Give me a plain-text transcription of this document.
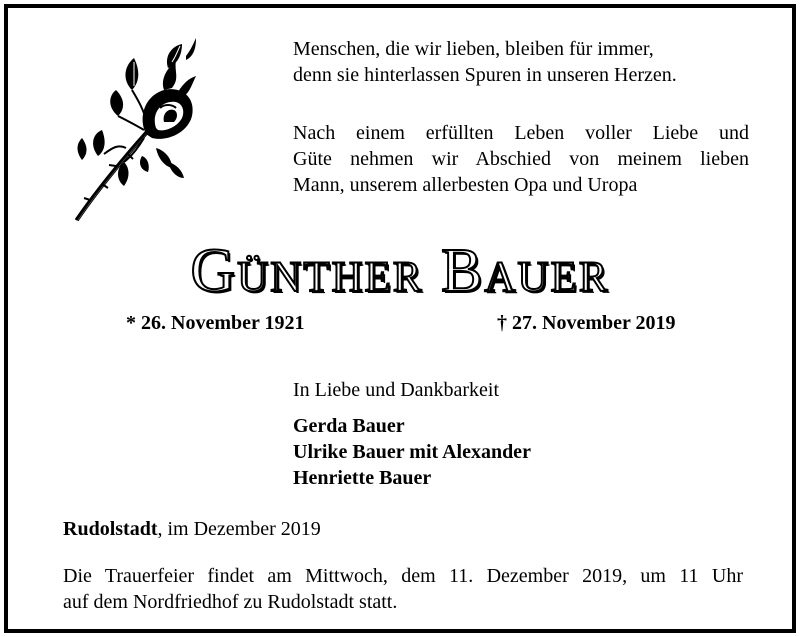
Menschen, die wir lieben, bleiben für immer,
denn sie hinterlassen Spuren in unseren Herzen.
Nach einem erfüllten Leben voller Liebe und
Güte nehmen wir Abschied von meinem lieben
Mann, unserem allerbesten Opa und Uropa
Günther Bauer
* 26. November 1921	† 27. November 2019
In Liebe und Dankbarkeit
Gerda Bauer
Ulrike Bauer mit Alexander
Henriette Bauer
Rudolstadt, im Dezember 2019
Die Trauerfeier findet am Mittwoch, dem 11. Dezember 2019, um 11 Uhr
auf dem Nordfriedhof zu Rudolstadt statt.
